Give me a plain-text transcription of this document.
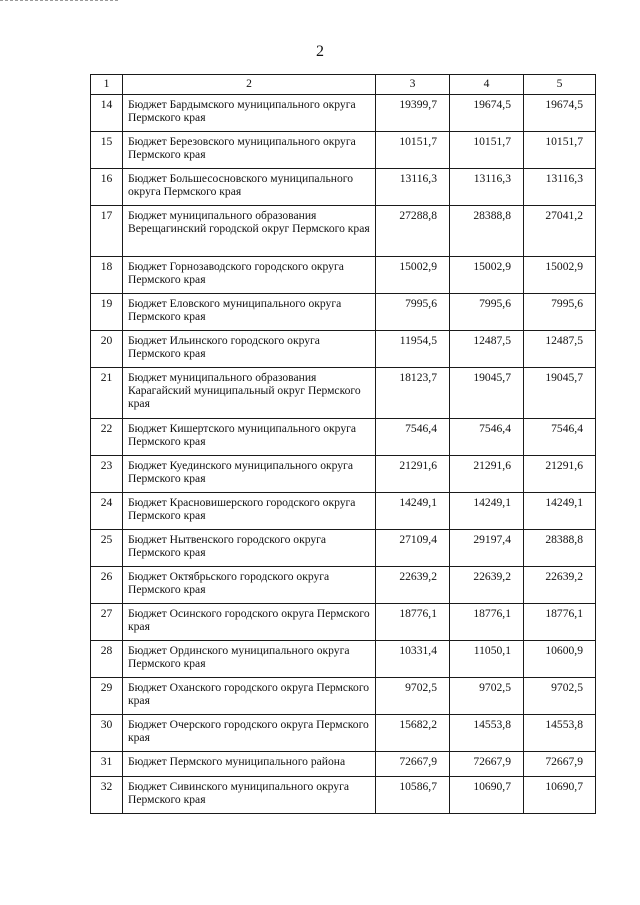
2
1	2	3	4	5
14	Бюджет Бардымского муниципального округа Пермского края	19399,7	19674,5	19674,5
15	Бюджет Березовского муниципального округа Пермского края	10151,7	10151,7	10151,7
16	Бюджет Большесосновского муниципального округа Пермского края	13116,3	13116,3	13116,3
17	Бюджет муниципального образования Верещагинский городской округ Пермского края	27288,8	28388,8	27041,2
18	Бюджет Горнозаводского городского округа Пермского края	15002,9	15002,9	15002,9
19	Бюджет Еловского муниципального округа Пермского края	7995,6	7995,6	7995,6
20	Бюджет Ильинского городского округа Пермского края	11954,5	12487,5	12487,5
21	Бюджет муниципального образования Карагайский муниципальный округ Пермского края	18123,7	19045,7	19045,7
22	Бюджет Кишертского муниципального округа Пермского края	7546,4	7546,4	7546,4
23	Бюджет Куединского муниципального округа Пермского края	21291,6	21291,6	21291,6
24	Бюджет Красновишерского городского округа Пермского края	14249,1	14249,1	14249,1
25	Бюджет Нытвенского городского округа Пермского края	27109,4	29197,4	28388,8
26	Бюджет Октябрьского городского округа Пермского края	22639,2	22639,2	22639,2
27	Бюджет Осинского городского округа Пермского края	18776,1	18776,1	18776,1
28	Бюджет Ординского муниципального округа Пермского края	10331,4	11050,1	10600,9
29	Бюджет Оханского городского округа Пермского края	9702,5	9702,5	9702,5
30	Бюджет Очерского городского округа Пермского края	15682,2	14553,8	14553,8
31	Бюджет Пермского муниципального района	72667,9	72667,9	72667,9
32	Бюджет Сивинского муниципального округа Пермского края	10586,7	10690,7	10690,7
